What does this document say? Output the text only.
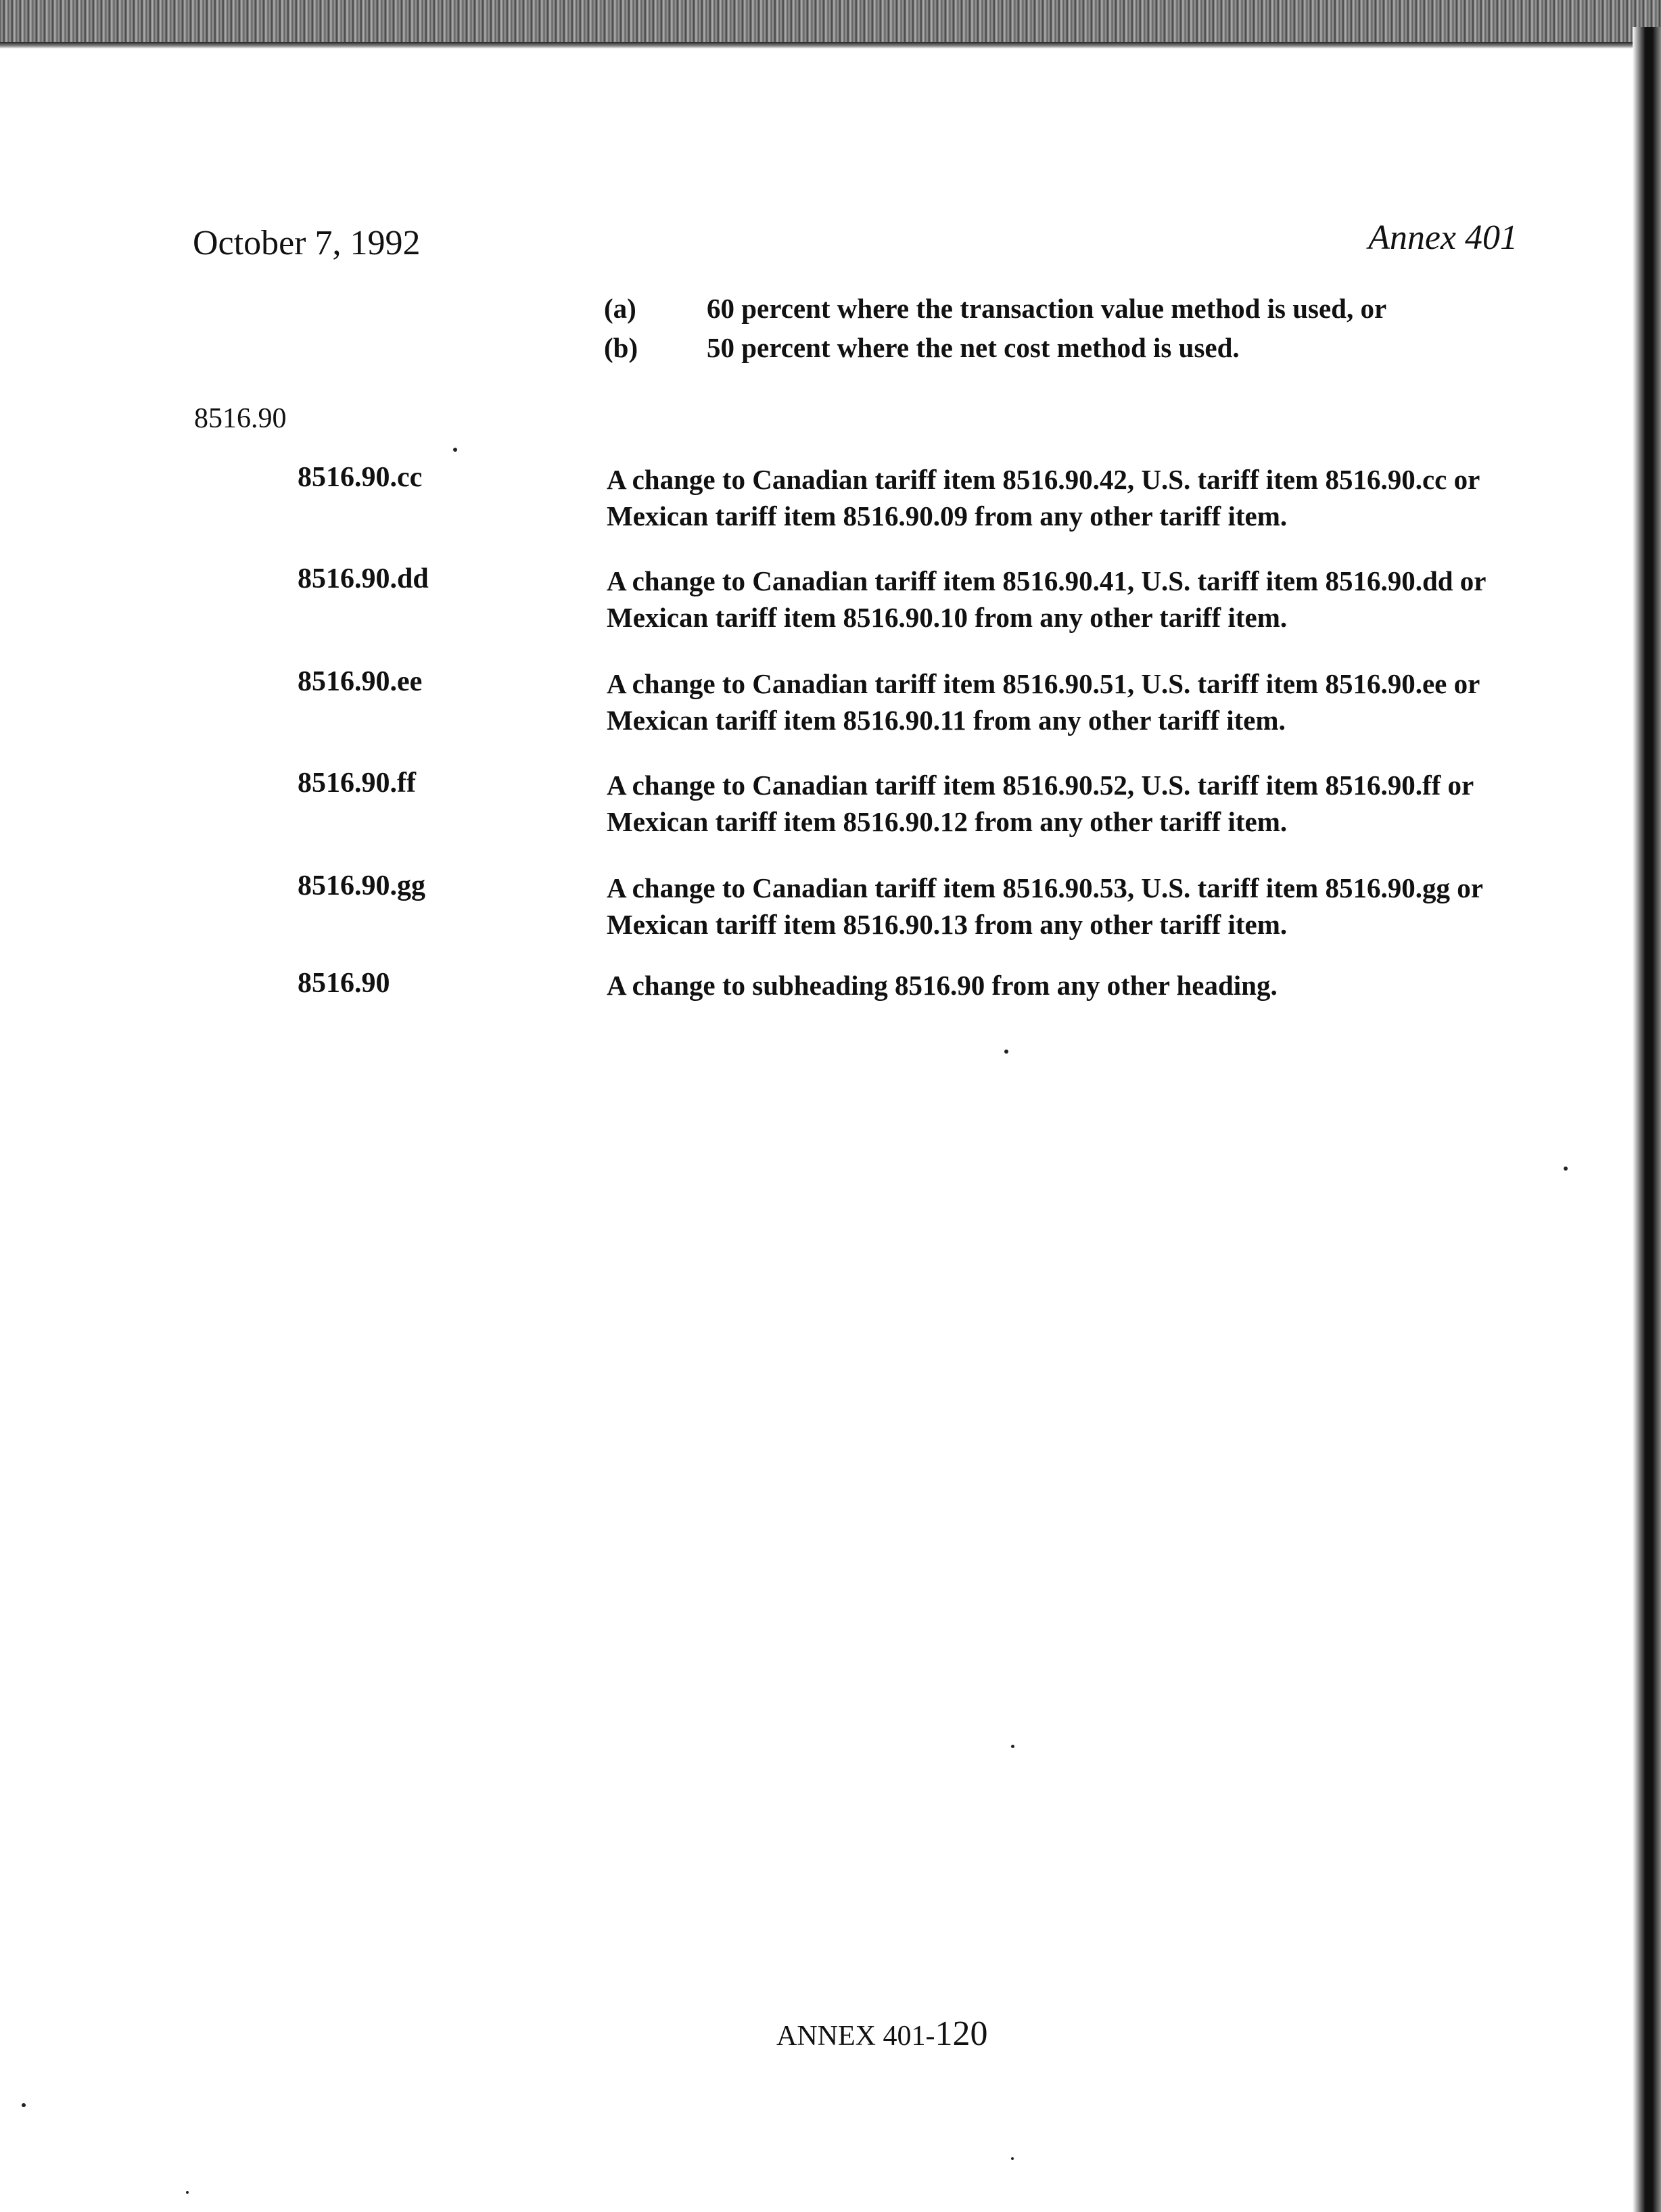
October 7, 1992	Annex 401
(a)	60 percent where the transaction value method is used, or
(b) 50 percent where the net cost method is used.
8516.90
8516.90.cc	A change to Canadian tariff item 8516.90.42, U.S. tariff item 8516.90.cc or Mexican tariff item 8516.90.09 from any other tariff item.
8516.90.dd	A change to Canadian tariff item 8516.90.41, U.S. tariff item 8516.90.dd or Mexican tariff item 8516.90.10 from any other tariff item.
8516.90.ee	A change to Canadian tariff item 8516.90.51, U.S. tariff item 8516.90.ee or Mexican tariff item 8516.90.11 from any other tariff item.
8516.90.ff	A change to Canadian tariff item 8516.90.52, U.S. tariff item 8516.90.ff or Mexican tariff item 8516.90.12 from any other tariff item.
8516.90.gg	A change to Canadian tariff item 8516.90.53, U.S. tariff item 8516.90.gg or Mexican tariff item 8516.90.13 from any other tariff item.
8516.90	A change to subheading 8516.90 from any other heading.
ANNEX 401-120
